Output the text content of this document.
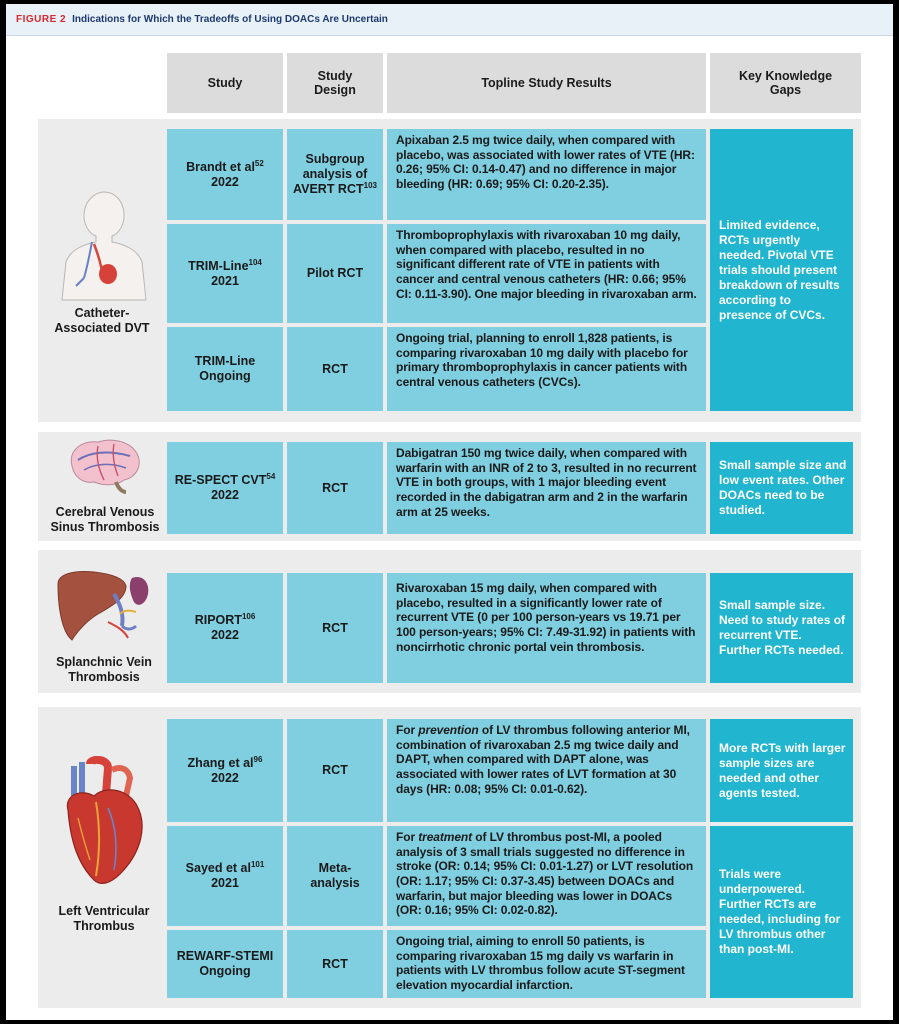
FIGURE 2 Indications for Which the Tradeoffs of Using DOACs Are Uncertain
Study
Study Design
Topline Study Results
Key Knowledge Gaps
Catheter-Associated DVT
Brandt et $al^{52}$
2022
Subgroup analysis of AVERT RCT$^{103}$
Apixaban 2.5 mg twice daily, when compared with placebo, was associated with lower rates of VTE (HR: 0.26; 95% CI: 0.14-0.47) and no difference in major bleeding (HR: 0.69; 95% CI: 0.20-2.35).
TRIM-Line$^{104}$
2021
Pilot RCT
Thromboprophylaxis with rivaroxaban 10 mg daily, when compared with placebo, resulted in no significant different rate of VTE in patients with cancer and central venous catheters (HR: 0.66; 95% CI: 0.11-3.90). One major bleeding in rivaroxaban arm.
TRIM-Line
Ongoing
RCT
Ongoing trial, planning to enroll 1,828 patients, is comparing rivaroxaban 10 mg daily with placebo for primary thromboprophylaxis in cancer patients with central venous catheters (CVCs).
Limited evidence, RCTs urgently needed. Pivotal VTE trials should present breakdown of results according to presence of CVCs.
Cerebral Venous Sinus Thrombosis
RE-SPECT CVT$^{54}$
2022
RCT
Dabigatran 150 mg twice daily, when compared with warfarin with an INR of 2 to 3, resulted in no recurrent VTE in both groups, with 1 major bleeding event recorded in the dabigatran arm and 2 in the warfarin arm at 25 weeks.
Small sample size and low event rates. Other DOACs need to be studied.
Splanchnic Vein Thrombosis
RIPORT$^{106}$
2022
RCT
Rivaroxaban 15 mg daily, when compared with placebo, resulted in a significantly lower rate of recurrent VTE (0 per 100 person-years vs 19.71 per 100 person-years; 95% CI: 7.49-31.92) in patients with noncirrhotic chronic portal vein thrombosis.
Small sample size. Need to study rates of recurrent VTE. Further RCTs needed.
Left Ventricular Thrombus
Zhang et $al^{96}$
2022
RCT
For prevention of LV thrombus following anterior MI, combination of rivaroxaban 2.5 mg twice daily and DAPT, when compared with DAPT alone, was associated with lower rates of LVT formation at 30 days (HR: 0.08; 95% CI: 0.01-0.62).
More RCTs with larger sample sizes are needed and other agents tested.
Sayed et $al^{101}$
2021
Meta-analysis
For treatment of LV thrombus post-MI, a pooled analysis of 3 small trials suggested no difference in stroke (OR: 0.14; 95% CI: 0.01-1.27) or LVT resolution (OR: 1.17; 95% CI: 0.37-3.45) between DOACs and warfarin, but major bleeding was lower in DOACs (OR: 0.16; 95% CI: 0.02-0.82).
REWARF-STEMI
Ongoing
RCT
Ongoing trial, aiming to enroll 50 patients, is comparing rivaroxaban 15 mg daily vs warfarin in patients with LV thrombus follow acute ST-segment elevation myocardial infarction.
Trials were underpowered. Further RCTs are needed, including for LV thrombus other than post-MI.
